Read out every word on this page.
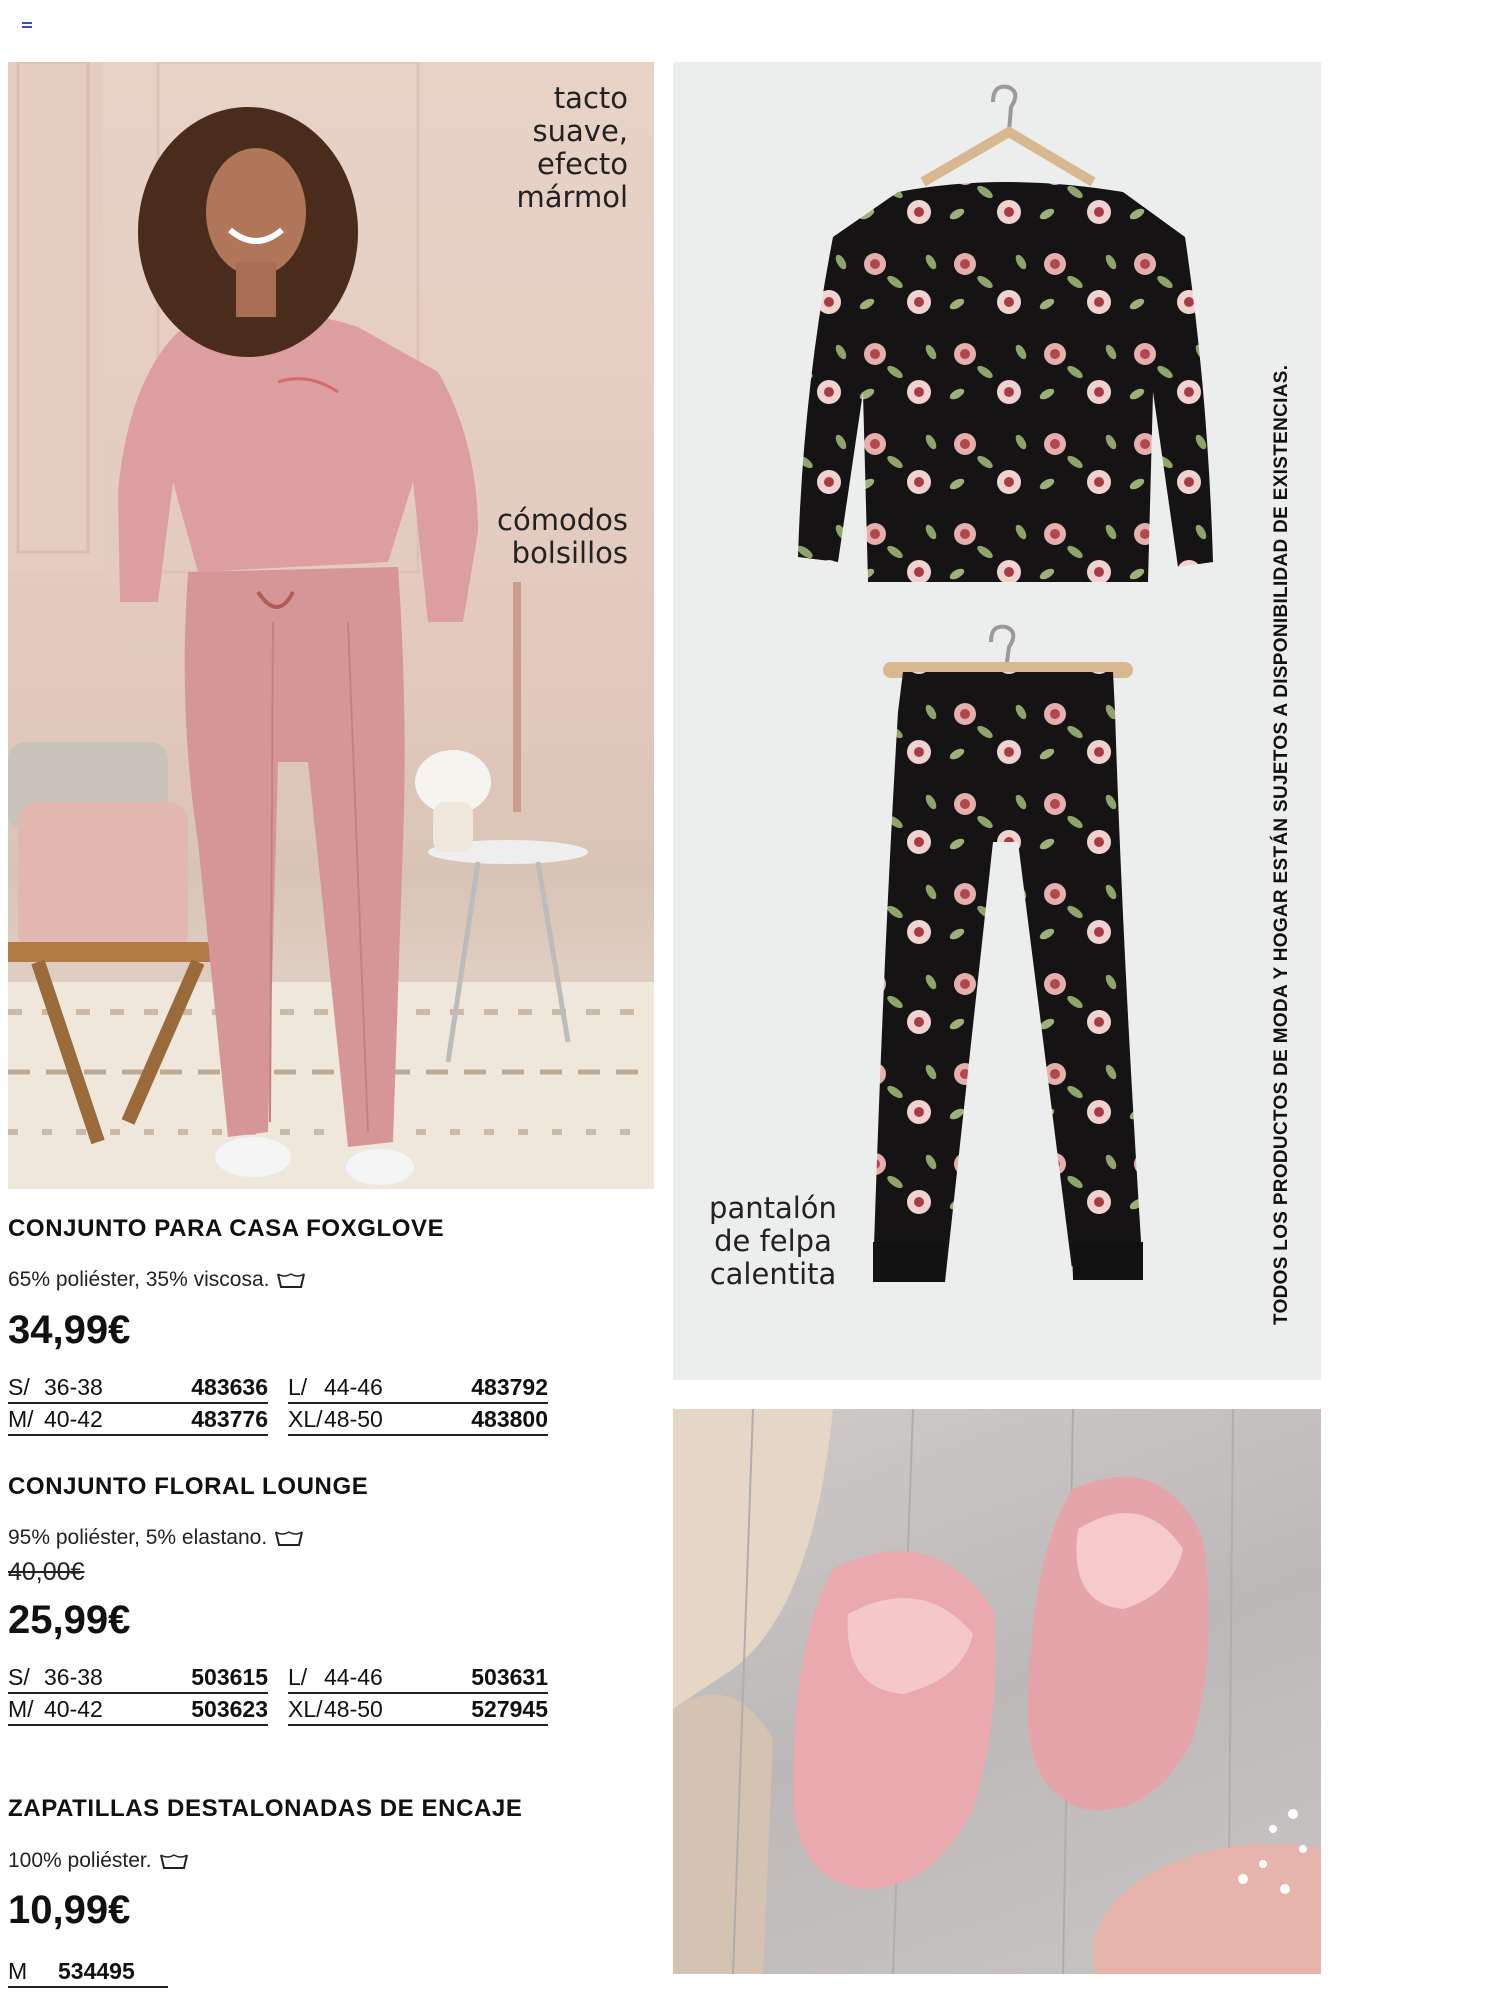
tacto
suave,
efecto
mármol
cómodos
bolsillos
pantalón
de felpa
calentita	TODOS LOS PRODUCTOS DE MODA Y HOGAR ESTÁN SUJETOS A DISPONIBILIDAD DE EXISTENCIAS.
CONJUNTO PARA CASA FOXGLOVE
65% poliéster, 35% viscosa.
34,99€
S/ 36-38	483636 L/ 44-46	483792
M/ 40-42	483776 XL/ 48-50	483800
CONJUNTO FLORAL LOUNGE
95% poliéster, 5% elastano.
40,00€
25,99€
S/ 36-38	503615 L/ 44-46	503631
M/ 40-42	503623 XL/ 48-50	527945
ZAPATILLAS DESTALONADAS DE ENCAJE
100% poliéster.
10,99€
M	534495
